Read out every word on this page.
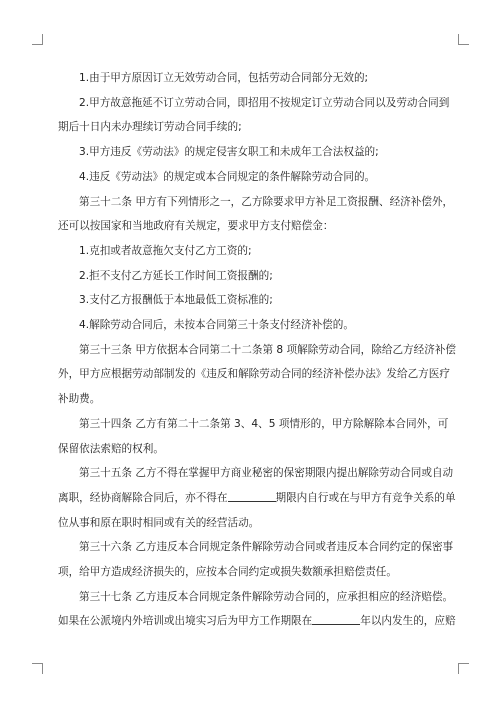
1.由于甲方原因订立无效劳动合同，包括劳动合同部分无效的;

2.甲方故意拖延不订立劳动合同，即招用不按规定订立劳动合同以及劳动合同到

期后十日内未办理续订劳动合同手续的;

3.甲方违反《劳动法》的规定侵害女职工和未成年工合法权益的;

4.违反《劳动法》的规定或本合同规定的条件解除劳动合同的。

第三十二条 甲方有下列情形之一，乙方除要求甲方补足工资报酬、经济补偿外，

还可以按国家和当地政府有关规定，要求甲方支付赔偿金：

1.克扣或者故意拖欠支付乙方工资的;

2.拒不支付乙方延长工作时间工资报酬的;

3.支付乙方报酬低于本地最低工资标准的;

4.解除劳动合同后，未按本合同第三十条支付经济补偿的。

第三十三条 甲方依据本合同第二十二条第 8 项解除劳动合同，除给乙方经济补偿

外，甲方应根据劳动部制发的《违反和解除劳动合同的经济补偿办法》发给乙方医疗

补助费。

第三十四条 乙方有第二十二条第 3、4、5 项情形的，甲方除解除本合同外，可

保留依法索赔的权利。

第三十五条 乙方不得在掌握甲方商业秘密的保密期限内提出解除劳动合同或自动

离职，经协商解除合同后，亦不得在	期限内自行或在与甲方有竞争关系的单

位从事和原在职时相同或有关的经营活动。

第三十六条 乙方违反本合同规定条件解除劳动合同或者违反本合同约定的保密事

项，给甲方造成经济损失的，应按本合同约定或损失数额承担赔偿责任。

第三十七条 乙方违反本合同规定条件解除劳动合同的，应承担相应的经济赔偿。

如果在公派境内外培训或出境实习后为甲方工作期限在	年以内发生的，应赔
